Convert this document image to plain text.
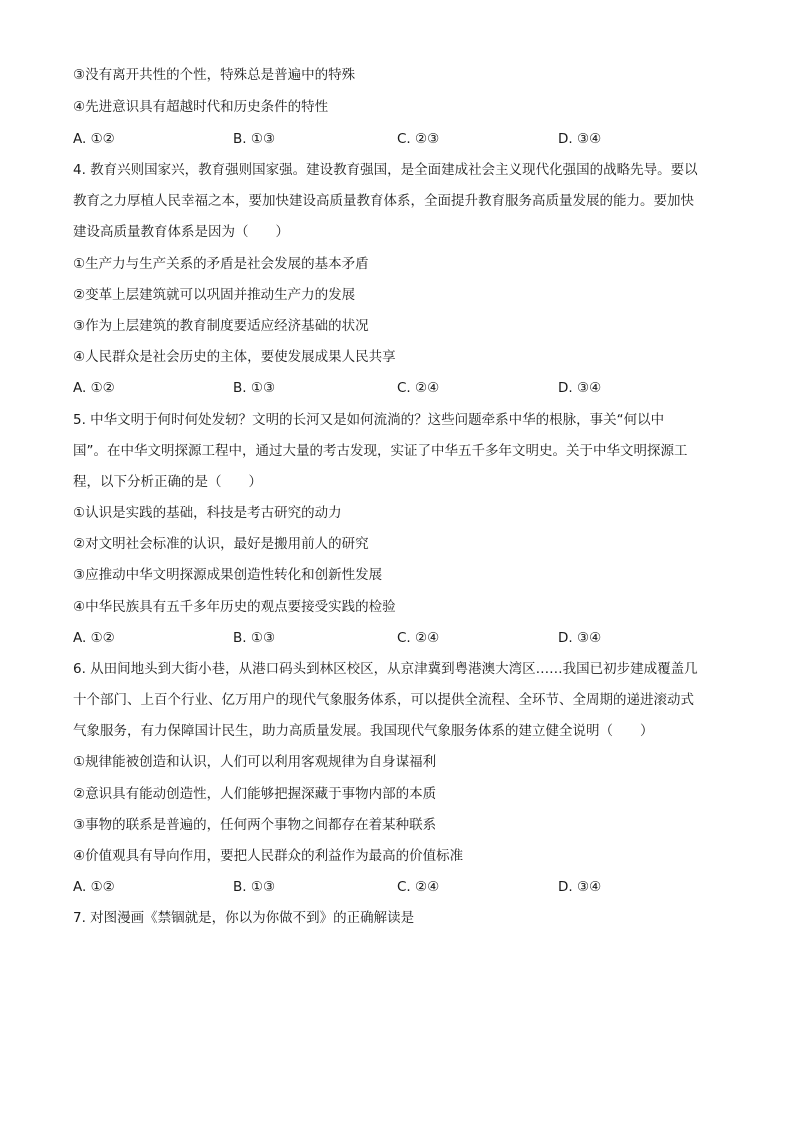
③没有离开共性的个性，特殊总是普遍中的特殊
④先进意识具有超越时代和历史条件的特性
A. ①②	B. ①③	C. ②③	D. ③④
4. 教育兴则国家兴，教育强则国家强。建设教育强国，是全面建成社会主义现代化强国的战略先导。要以
教育之力厚植人民幸福之本，要加快建设高质量教育体系，全面提升教育服务高质量发展的能力。要加快
建设高质量教育体系是因为（　　）
①生产力与生产关系的矛盾是社会发展的基本矛盾
②变革上层建筑就可以巩固并推动生产力的发展
③作为上层建筑的教育制度要适应经济基础的状况
④人民群众是社会历史的主体，要使发展成果人民共享
A. ①②	B. ①③	C. ②④	D. ③④
5. 中华文明于何时何处发轫？文明的长河又是如何流淌的？这些问题牵系中华的根脉，事关“何以中
国”。在中华文明探源工程中，通过大量的考古发现，实证了中华五千多年文明史。关于中华文明探源工
程，以下分析正确的是（　　）
①认识是实践的基础，科技是考古研究的动力
②对文明社会标准的认识，最好是搬用前人的研究
③应推动中华文明探源成果创造性转化和创新性发展
④中华民族具有五千多年历史的观点要接受实践的检验
A. ①②	B. ①③	C. ②④	D. ③④
6. 从田间地头到大街小巷，从港口码头到林区校区，从京津冀到粤港澳大湾区……我国已初步建成覆盖几
十个部门、上百个行业、亿万用户的现代气象服务体系，可以提供全流程、全环节、全周期的递进滚动式
气象服务，有力保障国计民生，助力高质量发展。我国现代气象服务体系的建立健全说明（　　）
①规律能被创造和认识，人们可以利用客观规律为自身谋福利
②意识具有能动创造性，人们能够把握深藏于事物内部的本质
③事物的联系是普遍的，任何两个事物之间都存在着某种联系
④价值观具有导向作用，要把人民群众的利益作为最高的价值标准
A. ①②	B. ①③	C. ②④	D. ③④
7. 对图漫画《禁锢就是，你以为你做不到》的正确解读是
